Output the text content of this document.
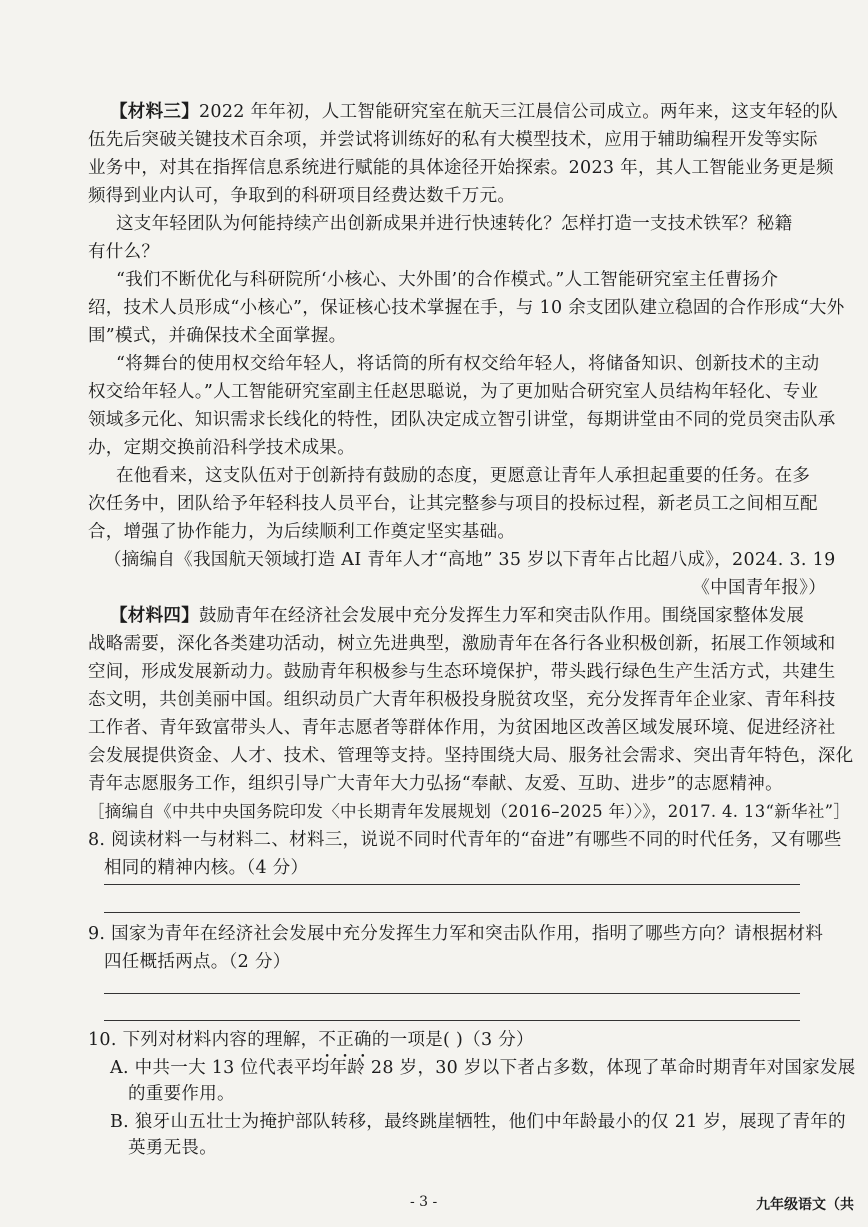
【材料三】2022 年年初，人工智能研究室在航天三江晨信公司成立。两年来，这支年轻的队
伍先后突破关键技术百余项，并尝试将训练好的私有大模型技术，应用于辅助编程开发等实际
业务中，对其在指挥信息系统进行赋能的具体途径开始探索。2023 年，其人工智能业务更是频
频得到业内认可，争取到的科研项目经费达数千万元。
这支年轻团队为何能持续产出创新成果并进行快速转化？怎样打造一支技术铁军？秘籍
有什么？
“我们不断优化与科研院所‘小核心、大外围’的合作模式。”人工智能研究室主任曹扬介
绍，技术人员形成“小核心”，保证核心技术掌握在手，与 10 余支团队建立稳固的合作形成“大外
围”模式，并确保技术全面掌握。
“将舞台的使用权交给年轻人，将话筒的所有权交给年轻人，将储备知识、创新技术的主动
权交给年轻人。”人工智能研究室副主任赵思聪说，为了更加贴合研究室人员结构年轻化、专业
领域多元化、知识需求长线化的特性，团队决定成立智引讲堂，每期讲堂由不同的党员突击队承
办，定期交换前沿科学技术成果。
在他看来，这支队伍对于创新持有鼓励的态度，更愿意让青年人承担起重要的任务。在多
次任务中，团队给予年轻科技人员平台，让其完整参与项目的投标过程，新老员工之间相互配
合，增强了协作能力，为后续顺利工作奠定坚实基础。
（摘编自《我国航天领域打造 AI 青年人才“高地” 35 岁以下青年占比超八成》，2024. 3. 19
《中国青年报》）
【材料四】鼓励青年在经济社会发展中充分发挥生力军和突击队作用。围绕国家整体发展
战略需要，深化各类建功活动，树立先进典型，激励青年在各行各业积极创新，拓展工作领域和
空间，形成发展新动力。鼓励青年积极参与生态环境保护，带头践行绿色生产生活方式，共建生
态文明，共创美丽中国。组织动员广大青年积极投身脱贫攻坚，充分发挥青年企业家、青年科技
工作者、青年致富带头人、青年志愿者等群体作用，为贫困地区改善区域发展环境、促进经济社
会发展提供资金、人才、技术、管理等支持。坚持围绕大局、服务社会需求、突出青年特色，深化
青年志愿服务工作，组织引导广大青年大力弘扬“奉献、友爱、互助、进步”的志愿精神。
［摘编自《中共中央国务院印发〈中长期青年发展规划（2016–2025 年）〉》，2017. 4. 13“新华社”］
8. 阅读材料一与材料二、材料三，说说不同时代青年的“奋进”有哪些不同的时代任务，又有哪些
相同的精神内核。（4 分）
9. 国家为青年在经济社会发展中充分发挥生力军和突击队作用，指明了哪些方向？请根据材料
四任概括两点。（2 分）
10. 下列对材料内容的理解，不正确的一项是( )（3 分）
A. 中共一大 13 位代表平均年龄 28 岁，30 岁以下者占多数，体现了革命时期青年对国家发展
的重要作用。
B. 狼牙山五壮士为掩护部队转移，最终跳崖牺牲，他们中年龄最小的仅 21 岁，展现了青年的
英勇无畏。
- 3 -	九年级语文（共
